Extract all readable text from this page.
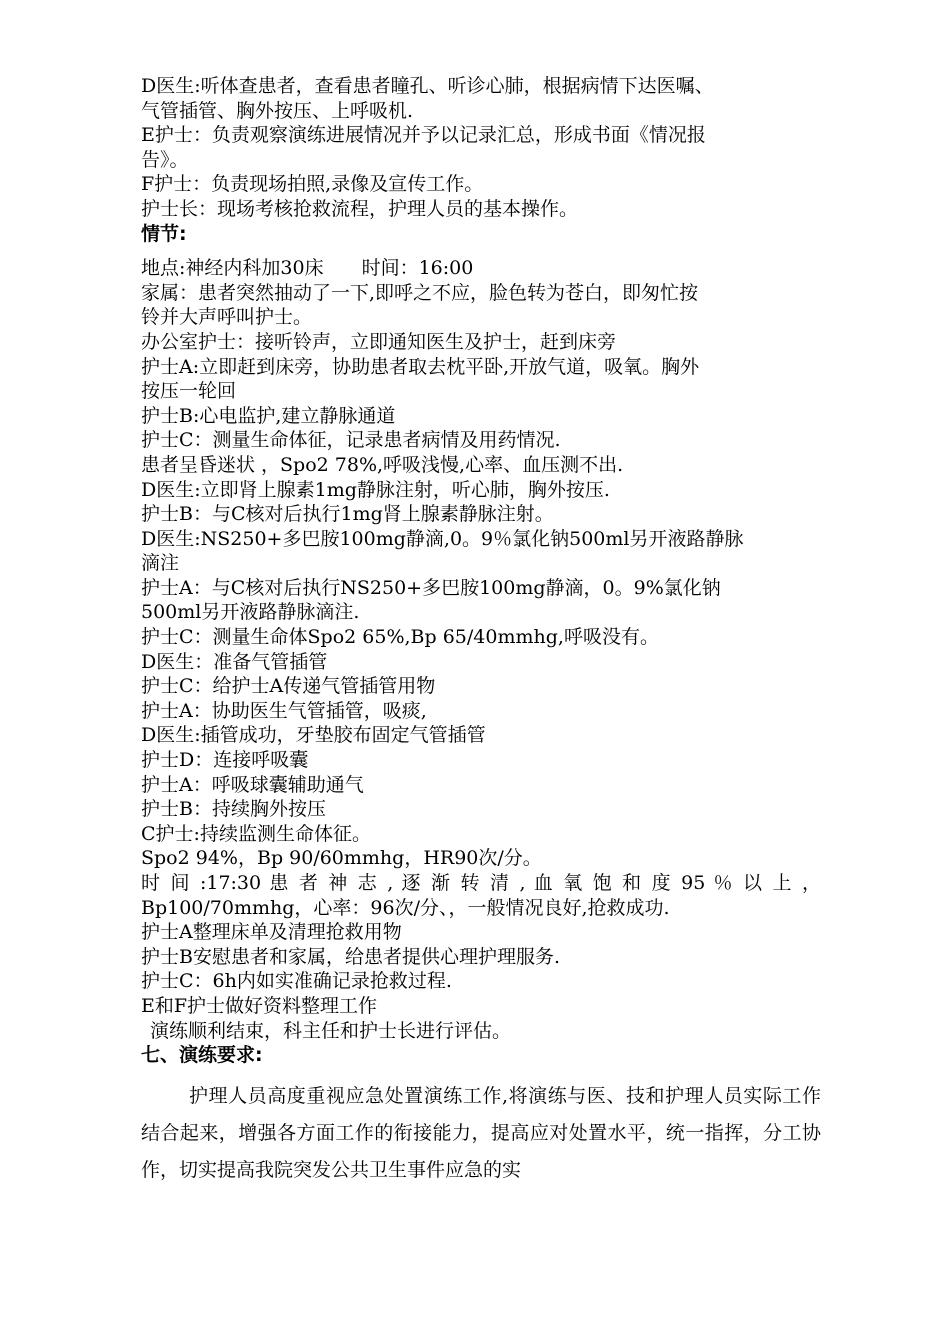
D医生:听体查患者，查看患者瞳孔、听诊心肺，根据病情下达医嘱、
气管插管、胸外按压、上呼吸机.
E护士：负责观察演练进展情况并予以记录汇总，形成书面《情况报
告》。
F护士：负责现场拍照,录像及宣传工作。
护士长：现场考核抢救流程，护理人员的基本操作。
情节:
地点:神经内科加30床　　时间：16:00
家属：患者突然抽动了一下,即呼之不应，脸色转为苍白，即匆忙按
铃并大声呼叫护士。
办公室护士：接听铃声，立即通知医生及护士，赶到床旁
护士A:立即赶到床旁，协助患者取去枕平卧,开放气道，吸氧。胸外
按压一轮回
护士B:心电监护,建立静脉通道
护士C：测量生命体征，记录患者病情及用药情况.
患者呈昏迷状 ，Spo2 78%,呼吸浅慢,心率、血压测不出.
D医生:立即肾上腺素1mg静脉注射，听心肺，胸外按压.
护士B：与C核对后执行1mg肾上腺素静脉注射。
D医生:NS250+多巴胺100mg静滴,0。9％氯化钠500ml另开液路静脉
滴注
护士A：与C核对后执行NS250+多巴胺100mg静滴，0。9%氯化钠
500ml另开液路静脉滴注.
护士C：测量生命体Spo2 65%,Bp 65/40mmhg,呼吸没有。
D医生：准备气管插管
护士C：给护士A传递气管插管用物
护士A：协助医生气管插管，吸痰,
D医生:插管成功，牙垫胶布固定气管插管
护士D：连接呼吸囊
护士A：呼吸球囊辅助通气
护士B：持续胸外按压
C护士:持续监测生命体征。
Spo2 94%，Bp 90/60mmhg，HR90次/分。
时 间 :17:30 患 者 神 志 , 逐 渐 转 清 , 血 氧 饱 和 度 95 ％ 以 上 ，
Bp100/70mmhg，心率：96次/分、，一般情况良好,抢救成功.
护士A整理床单及清理抢救用物
护士B安慰患者和家属，给患者提供心理护理服务.
护士C：6h内如实准确记录抢救过程.
E和F护士做好资料整理工作
演练顺利结束，科主任和护士长进行评估。
七、演练要求:
护理人员高度重视应急处置演练工作,将演练与医、技和护理人员实际工作结合起来，增强各方面工作的衔接能力，提高应对处置水平，统一指挥，分工协作，切实提高我院突发公共卫生事件应急的实
